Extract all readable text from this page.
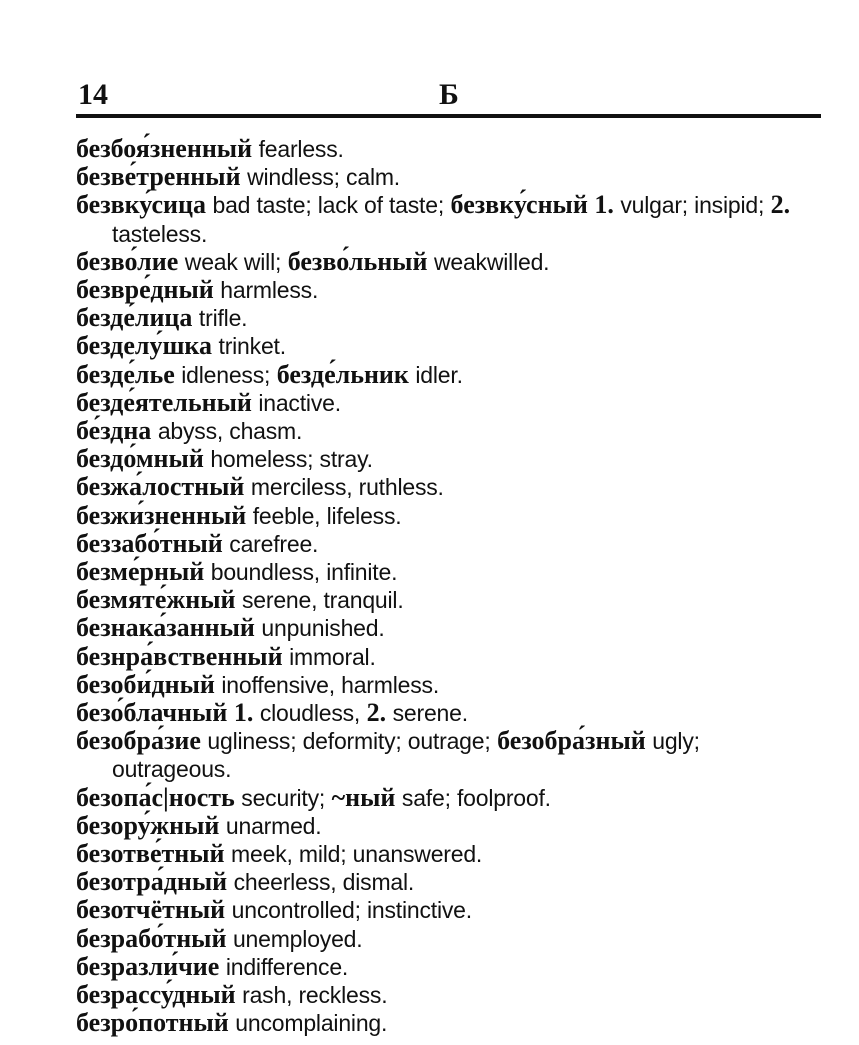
14	Б

безбоя́зненный fearless.

безве́тренный windless; calm.

безвку́сица bad taste; lack of taste; безвку́сный 1. vulgar; insipid; 2. tasteless.

безво́лие weak will; безво́льный weakwilled.

безвре́дный harmless.

безде́лица trifle.

безделу́шка trinket.

безде́лье idleness; безде́льник idler.

безде́ятельный inactive.

бе́здна abyss, chasm.

бездо́мный homeless; stray.

безжа́лостный merciless, ruthless.

безжи́зненный feeble, lifeless.

беззабо́тный carefree.

безме́рный boundless, infinite.

безмяте́жный serene, tranquil.

безнака́занный unpunished.

безнра́вственный immoral.

безоби́дный inoffensive, harmless.

безо́блачный 1. cloudless, 2. serene.

безобра́зие ugliness; deformity; outrage; безобра́зный ugly; outrageous.

безопа́с|ность security; ~ный safe; foolproof.

безору́жный unarmed.

безотве́тный meek, mild; unanswered.

безотра́дный cheerless, dismal.

безотчётный uncontrolled; instinctive.

безрабо́тный unemployed.

безразли́чие indifference.

безрассу́дный rash, reckless.

безро́потный uncomplaining.
